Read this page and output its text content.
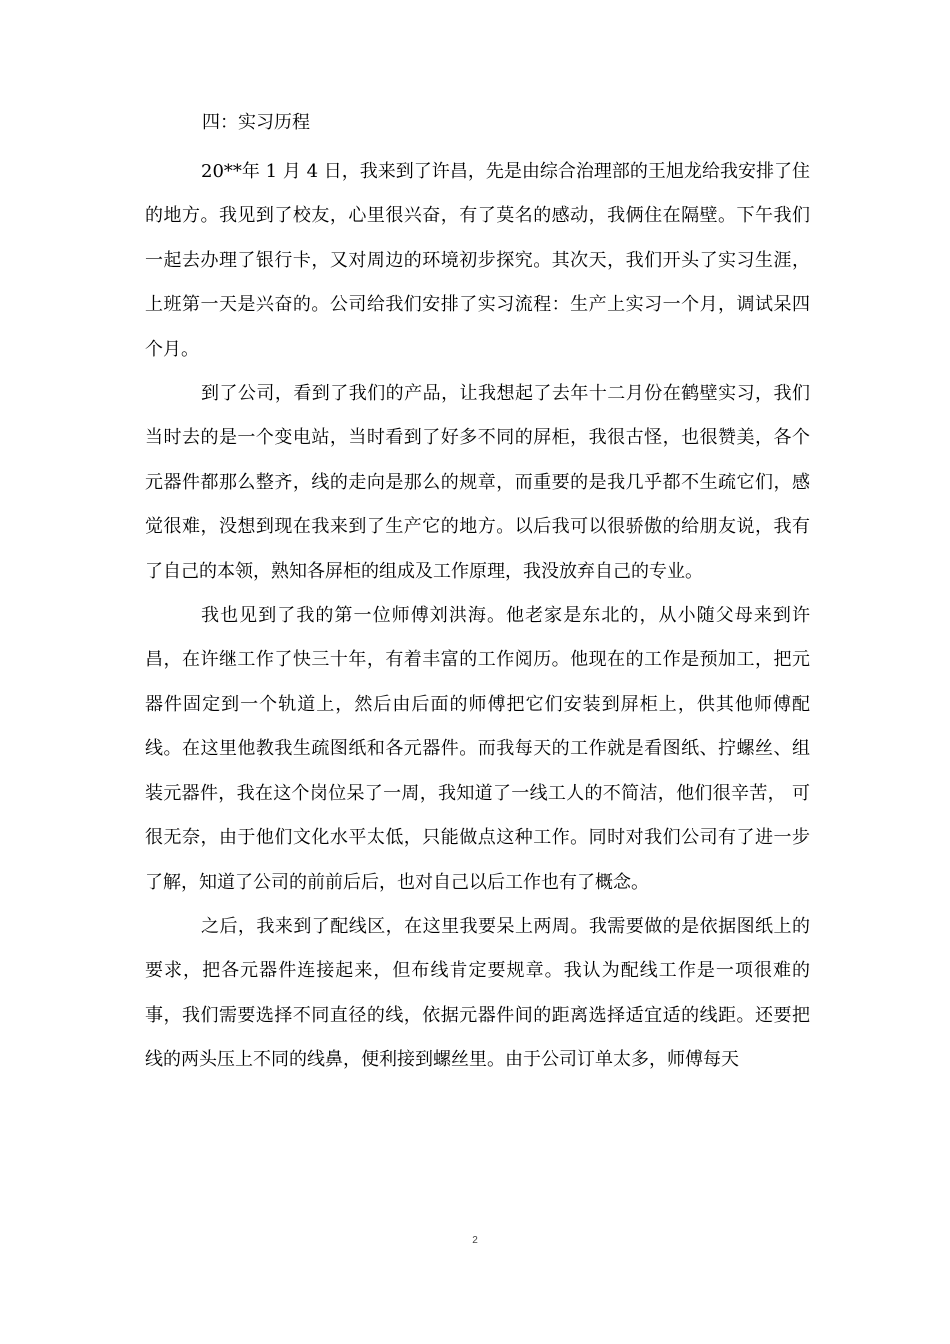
四：实习历程

20**年 1 月 4 日，我来到了许昌，先是由综合治理部的王旭龙给我安排了住的地方。我见到了校友，心里很兴奋，有了莫名的感动，我俩住在隔壁。下午我们一起去办理了银行卡，又对周边的环境初步探究。其次天，我们开头了实习生涯，上班第一天是兴奋的。公司给我们安排了实习流程：生产上实习一个月，调试呆四个月。

到了公司，看到了我们的产品，让我想起了去年十二月份在鹤壁实习，我们当时去的是一个变电站，当时看到了好多不同的屏柜，我很古怪，也很赞美，各个元器件都那么整齐，线的走向是那么的规章，而重要的是我几乎都不生疏它们，感觉很难，没想到现在我来到了生产它的地方。以后我可以很骄傲的给朋友说，我有了自己的本领，熟知各屏柜的组成及工作原理，我没放弃自己的专业。

我也见到了我的第一位师傅刘洪海。他老家是东北的，从小随父母来到许昌，在许继工作了快三十年，有着丰富的工作阅历。他现在的工作是预加工，把元器件固定到一个轨道上，然后由后面的师傅把它们安装到屏柜上，供其他师傅配线。在这里他教我生疏图纸和各元器件。而我每天的工作就是看图纸、拧螺丝、组装元器件，我在这个岗位呆了一周，我知道了一线工人的不简洁，他们很辛苦， 可很无奈，由于他们文化水平太低，只能做点这种工作。同时对我们公司有了进一步了解，知道了公司的前前后后，也对自己以后工作也有了概念。

之后，我来到了配线区，在这里我要呆上两周。我需要做的是依据图纸上的要求，把各元器件连接起来，但布线肯定要规章。我认为配线工作是一项很难的事，我们需要选择不同直径的线，依据元器件间的距离选择适宜适的线距。还要把线的两头压上不同的线鼻，便利接到螺丝里。由于公司订单太多，师傅每天

2
